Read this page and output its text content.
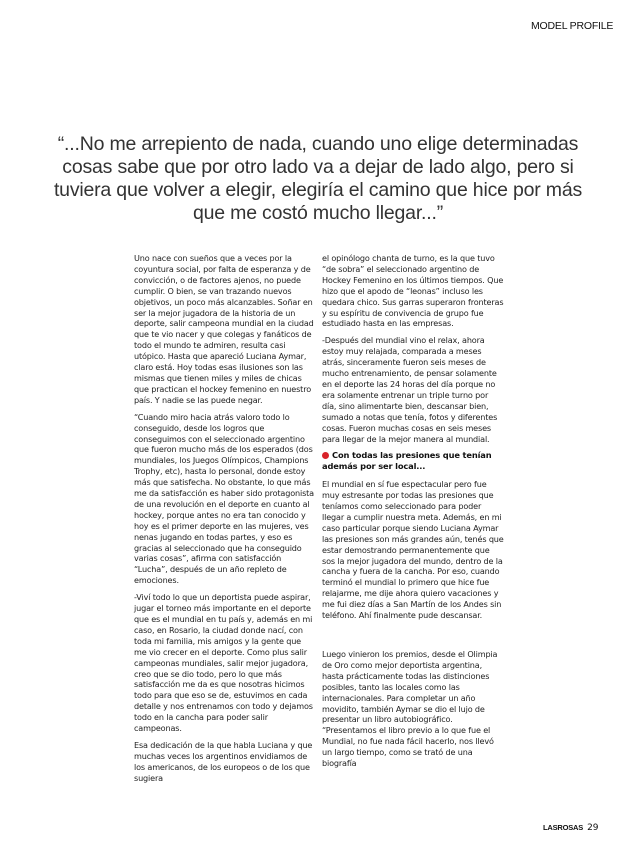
MODEL PROFILE
“...No me arrepiento de nada, cuando uno elige determinadas cosas sabe que por otro lado va a dejar de lado algo, pero si tuviera que volver a elegir, elegiría el camino que hice por más que me costó mucho llegar...”

Uno nace con sueños que a veces por la coyuntura social, por falta de esperanza y de convicción, o de factores ajenos, no puede cumplir. O bien, se van trazando nuevos objetivos, un poco más alcanzables. Soñar en ser la mejor jugadora de la historia de un deporte, salir campeona mundial en la ciudad que te vio nacer y que colegas y fanáticos de todo el mundo te admiren, resulta casi utópico. Hasta que apareció Luciana Aymar, claro está. Hoy todas esas ilusiones son las mismas que tienen miles y miles de chicas que practican el hockey femenino en nuestro país. Y nadie se las puede negar.

“Cuando miro hacia atrás valoro todo lo conseguido, desde los logros que conseguimos con el seleccionado argentino que fueron mucho más de los esperados (dos mundiales, los Juegos Olímpicos, Champions Trophy, etc), hasta lo personal, donde estoy más que satisfecha. No obstante, lo que más me da satisfacción es haber sido protagonista de una revolución en el deporte en cuanto al hockey, porque antes no era tan conocido y hoy es el primer deporte en las mujeres, ves nenas jugando en todas partes, y eso es gracias al seleccionado que ha conseguido varias cosas”, afirma con satisfacción “Lucha”, después de un año repleto de emociones.

-Viví todo lo que un deportista puede aspirar, jugar el torneo más importante en el deporte que es el mundial en tu país y, además en mi caso, en Rosario, la ciudad donde nací, con toda mi familia, mis amigos y la gente que me vio crecer en el deporte. Como plus salir campeonas mundiales, salir mejor jugadora, creo que se dio todo, pero lo que más satisfacción me da es que nosotras hicimos todo para que eso se de, estuvimos en cada detalle y nos entrenamos con todo y dejamos todo en la cancha para poder salir campeonas.

Esa dedicación de la que habla Luciana y que muchas veces los argentinos envidiamos de los americanos, de los europeos o de los que sugiera

el opinólogo chanta de turno, es la que tuvo “de sobra” el seleccionado argentino de Hockey Femenino en los últimos tiempos. Que hizo que el apodo de “leonas” incluso les quedara chico. Sus garras superaron fronteras y su espíritu de convivencia de grupo fue estudiado hasta en las empresas.

-Después del mundial vino el relax, ahora estoy muy relajada, comparada a meses atrás, sinceramente fueron seis meses de mucho entrenamiento, de pensar solamente en el deporte las 24 horas del día porque no era solamente entrenar un triple turno por día, sino alimentarte bien, descansar bien, sumado a notas que tenía, fotos y diferentes cosas. Fueron muchas cosas en seis meses para llegar de la mejor manera al mundial.

Con todas las presiones que tenían además por ser local...

El mundial en sí fue espectacular pero fue muy estresante por todas las presiones que teníamos como seleccionado para poder llegar a cumplir nuestra meta. Además, en mi caso particular porque siendo Luciana Aymar las presiones son más grandes aún, tenés que estar demostrando permanentemente que sos la mejor jugadora del mundo, dentro de la cancha y fuera de la cancha. Por eso, cuando terminó el mundial lo primero que hice fue relajarme, me dije ahora quiero vacaciones y me fui diez días a San Martín de los Andes sin teléfono. Ahí finalmente pude descansar.

Luego vinieron los premios, desde el Olimpia de Oro como mejor deportista argentina, hasta prácticamente todas las distinciones posibles, tanto las locales como las internacionales. Para completar un año movidito, también Aymar se dio el lujo de presentar un libro autobiográfico. “Presentamos el libro previo a lo que fue el Mundial, no fue nada fácil hacerlo, nos llevó un largo tiempo, como se trató de una biografía

LASROSAS 29
